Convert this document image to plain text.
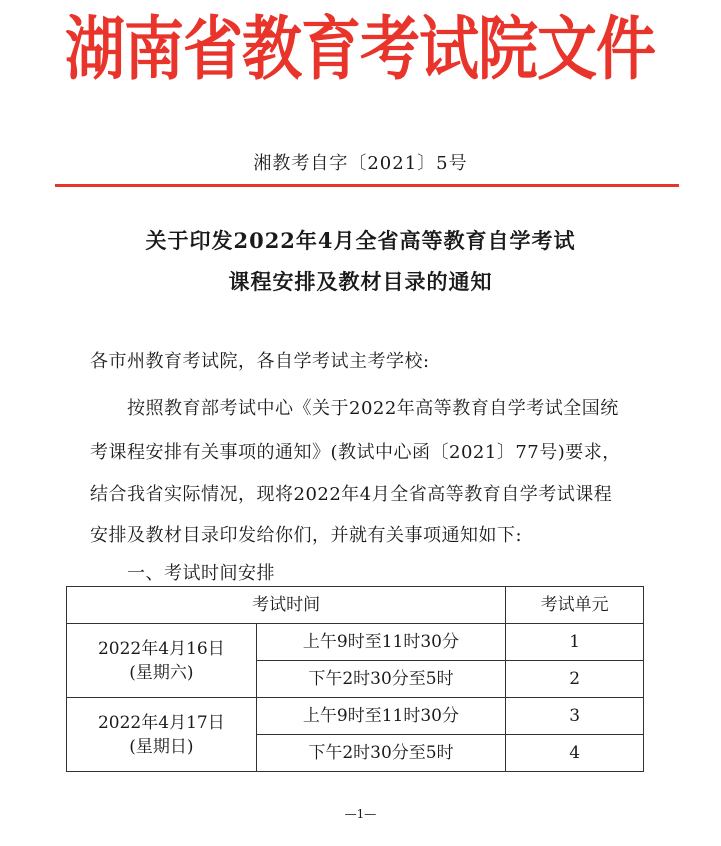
湖南省教育考试院文件
湘教考自字〔2021〕5号
关于印发2022年4月全省高等教育自学考试
课程安排及教材目录的通知
各市州教育考试院，各自学考试主考学校:
按照教育部考试中心《关于2022年高等教育自学考试全国统
考课程安排有关事项的通知》(教试中心函〔2021〕77号)要求，
结合我省实际情况，现将2022年4月全省高等教育自学考试课程
安排及教材目录印发给你们，并就有关事项通知如下:
一、考试时间安排
考试时间		考试单元

2022年4月16日
(星期六)	上午9时至11时30分	1
	下午2时30分至5时	2

2022年4月17日
(星期日)	上午9时至11时30分	3
	下午2时30分至5时	4
—1—
